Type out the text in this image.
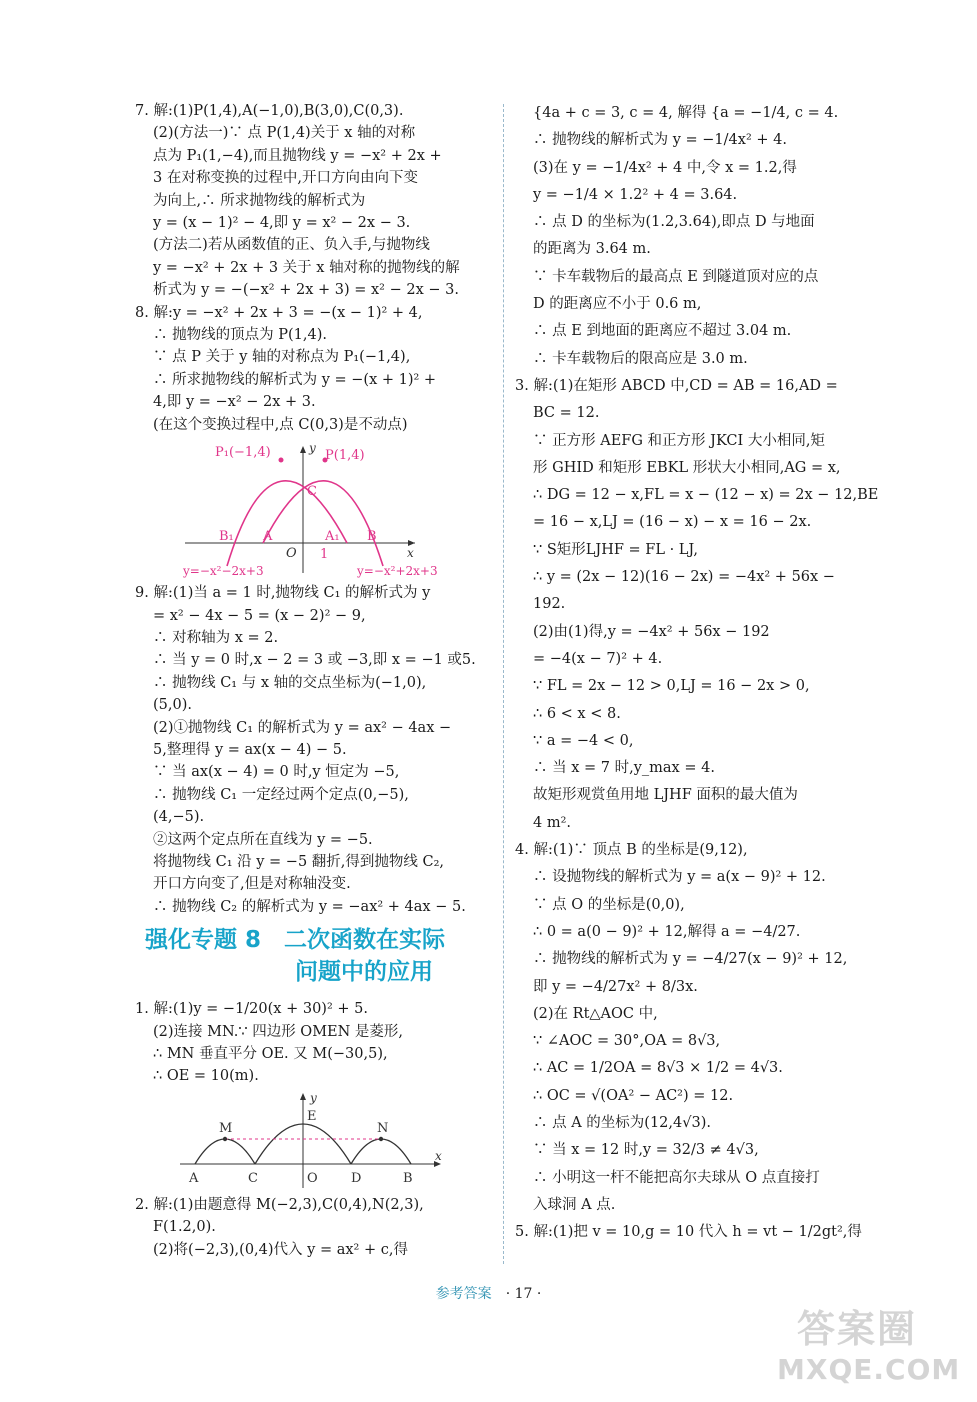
7. 解:(1)P(1,4),A(−1,0),B(3,0),C(0,3).
(2)(方法一)∵ 点 P(1,4)关于 x 轴的对称
点为 P₁(1,−4),而且抛物线 y = −x² + 2x +
3 在对称变换的过程中,开口方向由向下变
为向上,∴ 所求抛物线的解析式为
y = (x − 1)² − 4,即 y = x² − 2x − 3.
(方法二)若从函数值的正、负入手,与抛物线
y = −x² + 2x + 3 关于 x 轴对称的抛物线的解
析式为 y = −(−x² + 2x + 3) = x² − 2x − 3.
8. 解:y = −x² + 2x + 3 = −(x − 1)² + 4,
∴ 抛物线的顶点为 P(1,4).
∵ 点 P 关于 y 轴的对称点为 P₁(−1,4),
∴ 所求抛物线的解析式为 y = −(x + 1)² +
4,即 y = −x² − 2x + 3.
(在这个变换过程中,点 C(0,3)是不动点)
P₁(−1,4)	P(1,4)
y
x
C
B₁ A
O
A₁ B
1
y=−x²−2x+3	y=−x²+2x+3
9. 解:(1)当 a = 1 时,抛物线 C₁ 的解析式为 y
= x² − 4x − 5 = (x − 2)² − 9,
∴ 对称轴为 x = 2.
∴ 当 y = 0 时,x − 2 = 3 或 −3,即 x = −1 或5.
∴ 抛物线 C₁ 与 x 轴的交点坐标为(−1,0),
(5,0).
(2)①抛物线 C₁ 的解析式为 y = ax² − 4ax −
5,整理得 y = ax(x − 4) − 5.
∵ 当 ax(x − 4) = 0 时,y 恒定为 −5,
∴ 抛物线 C₁ 一定经过两个定点(0,−5),
(4,−5).
②这两个定点所在直线为 y = −5.
将抛物线 C₁ 沿 y = −5 翻折,得到抛物线 C₂,
开口方向变了,但是对称轴没变.
∴ 抛物线 C₂ 的解析式为 y = −ax² + 4ax − 5.
强化专题 8　二次函数在实际
问题中的应用
1. 解:(1)y = −1/20(x + 30)² + 5.
(2)连接 MN.∵ 四边形 OMEN 是菱形,
∴ MN 垂直平分 OE. 又 M(−30,5),
∴ OE = 10(m).
y
x
E
M	N
A	C	O	D	B
2. 解:(1)由题意得 M(−2,3),C(0,4),N(2,3),
F(1.2,0).
(2)将(−2,3),(0,4)代入 y = ax² + c,得
{4a + c = 3, c = 4, 解得 {a = −1/4, c = 4.
∴ 抛物线的解析式为 y = −1/4x² + 4.
(3)在 y = −1/4x² + 4 中,令 x = 1.2,得
y = −1/4 × 1.2² + 4 = 3.64.
∴ 点 D 的坐标为(1.2,3.64),即点 D 与地面
的距离为 3.64 m.
∵ 卡车载物后的最高点 E 到隧道顶对应的点
D 的距离应不小于 0.6 m,
∴ 点 E 到地面的距离应不超过 3.04 m.
∴ 卡车载物后的限高应是 3.0 m.
3. 解:(1)在矩形 ABCD 中,CD = AB = 16,AD =
BC = 12.
∵ 正方形 AEFG 和正方形 JKCI 大小相同,矩
形 GHID 和矩形 EBKL 形状大小相同,AG = x,
∴ DG = 12 − x,FL = x − (12 − x) = 2x − 12,BE
= 16 − x,LJ = (16 − x) − x = 16 − 2x.
∵ S矩形LJHF = FL · LJ,
∴ y = (2x − 12)(16 − 2x) = −4x² + 56x −
192.
(2)由(1)得,y = −4x² + 56x − 192
= −4(x − 7)² + 4.
∵ FL = 2x − 12 > 0,LJ = 16 − 2x > 0,
∴ 6 < x < 8.
∵ a = −4 < 0,
∴ 当 x = 7 时,y_max = 4.
故矩形观赏鱼用地 LJHF 面积的最大值为
4 m².
4. 解:(1)∵ 顶点 B 的坐标是(9,12),
∴ 设抛物线的解析式为 y = a(x − 9)² + 12.
∵ 点 O 的坐标是(0,0),
∴ 0 = a(0 − 9)² + 12,解得 a = −4/27.
∴ 抛物线的解析式为 y = −4/27(x − 9)² + 12,
即 y = −4/27x² + 8/3x.
(2)在 Rt△AOC 中,
∵ ∠AOC = 30°,OA = 8√3,
∴ AC = 1/2OA = 8√3 × 1/2 = 4√3.
∴ OC = √(OA² − AC²) = 12.
∴ 点 A 的坐标为(12,4√3).
∵ 当 x = 12 时,y = 32/3 ≠ 4√3,
∴ 小明这一杆不能把高尔夫球从 O 点直接打
入球洞 A 点.
5. 解:(1)把 v = 10,g = 10 代入 h = vt − 1/2gt²,得
参考答案 · 17 ·
答案圈
MXQE.COM
